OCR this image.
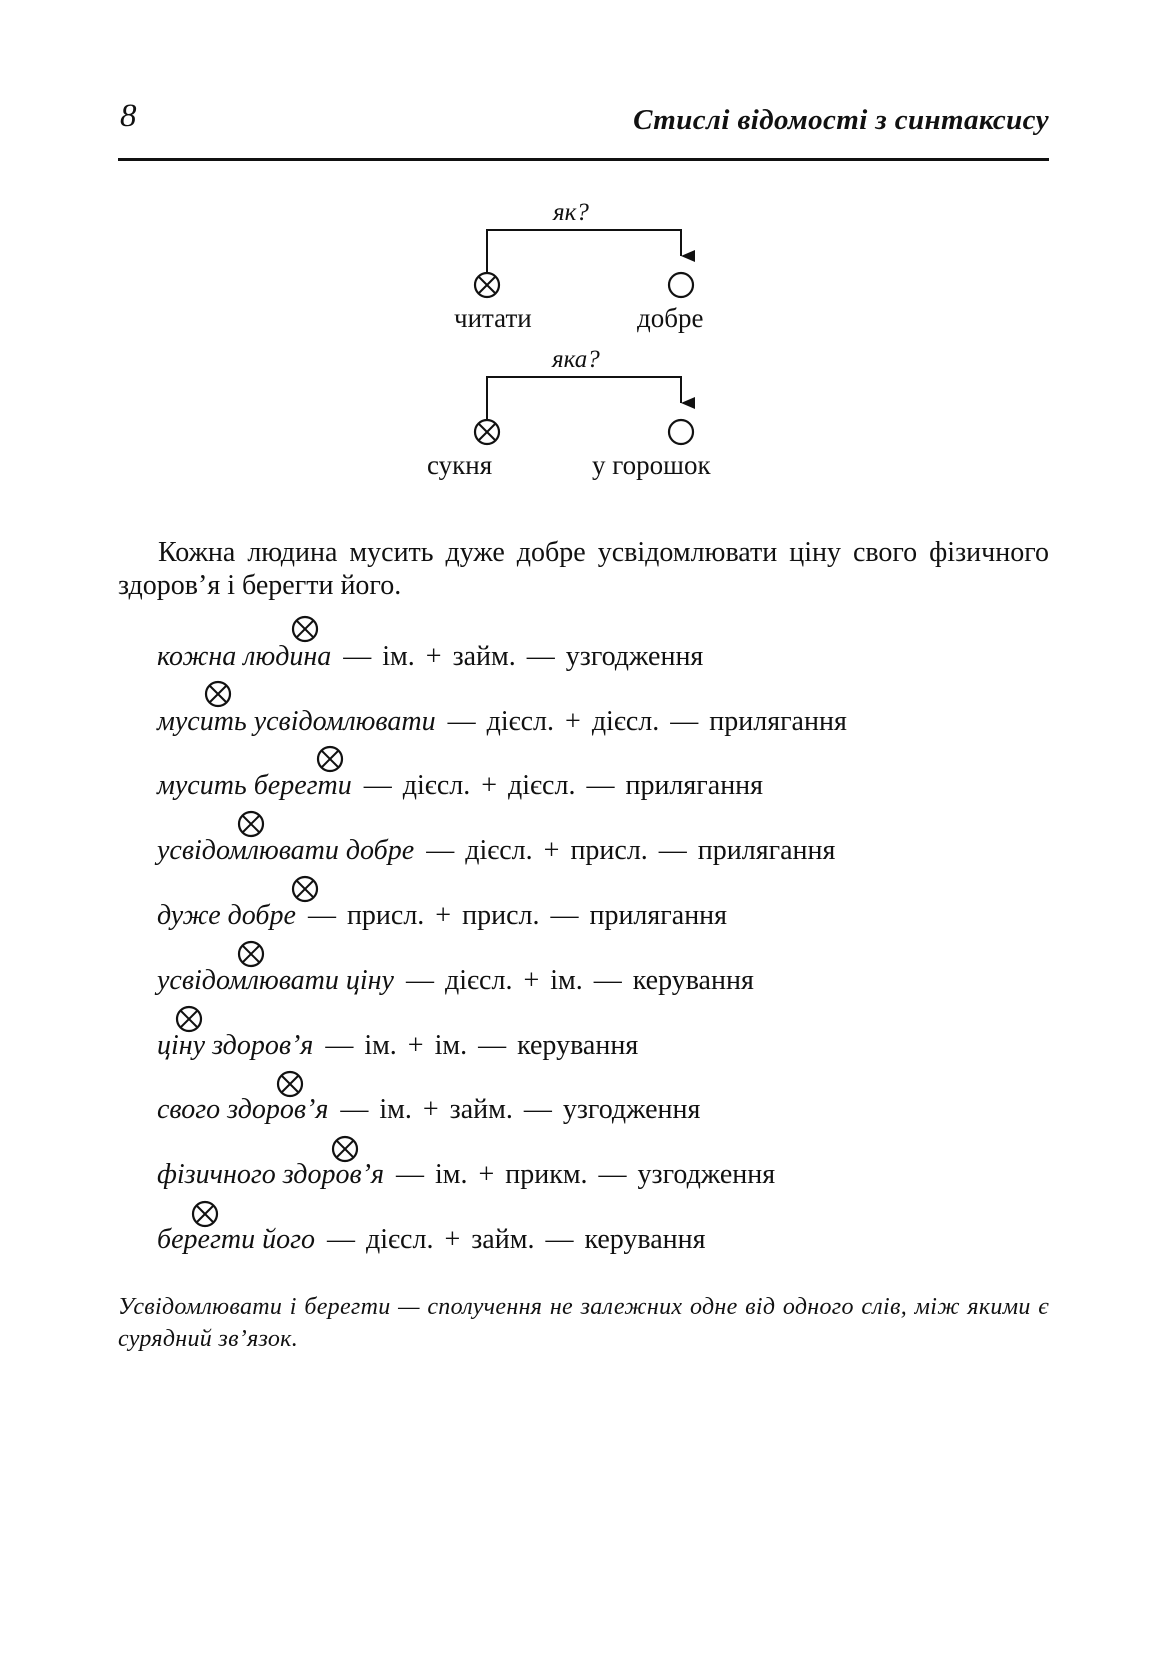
8	Стислі відомості з синтаксису
як?
читати	добре
яка?
сукня	у горошок
Кожна людина мусить дуже добре усвідомлювати ціну свого фізичного здоров’я і берегти його.
кожна людина — ім. + займ. — узгодження
мусить усвідомлювати — дієсл. + дієсл. — прилягання
мусить берегти — дієсл. + дієсл. — прилягання
усвідомлювати добре — дієсл. + присл. — прилягання
дуже добре — присл. + присл. — прилягання
усвідомлювати ціну — дієсл. + ім. — керування
ціну здоров’я — ім. + ім. — керування
свого здоров’я — ім. + займ. — узгодження
фізичного здоров’я — ім. + прикм. — узгодження
берегти його — дієсл. + займ. — керування
Усвідомлювати і берегти — сполучення не залежних одне від одного слів, між якими є сурядний зв’язок.
